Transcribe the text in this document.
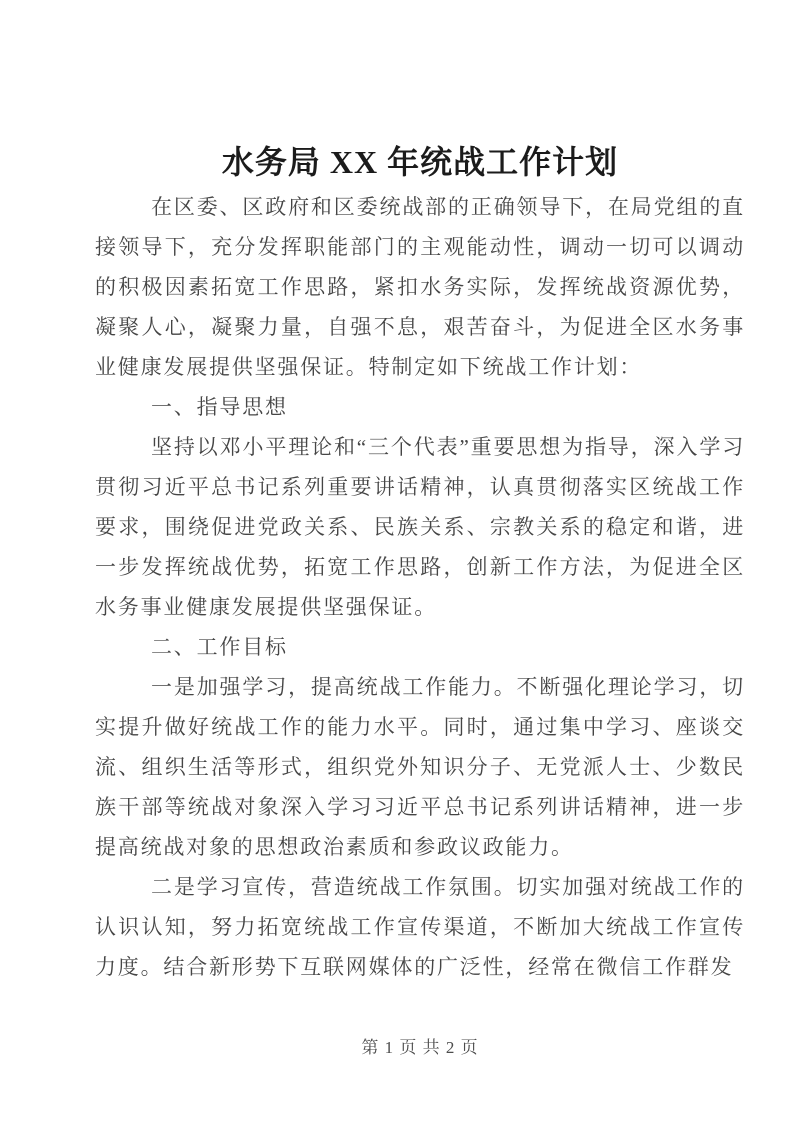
水务局 XX 年统战工作计划

在区委、区政府和区委统战部的正确领导下，在局党组的直接领导下，充分发挥职能部门的主观能动性，调动一切可以调动的积极因素拓宽工作思路，紧扣水务实际，发挥统战资源优势，凝聚人心，凝聚力量，自强不息，艰苦奋斗，为促进全区水务事业健康发展提供坚强保证。特制定如下统战工作计划：

一、指导思想

坚持以邓小平理论和“三个代表”重要思想为指导，深入学习贯彻习近平总书记系列重要讲话精神，认真贯彻落实区统战工作要求，围绕促进党政关系、民族关系、宗教关系的稳定和谐，进一步发挥统战优势，拓宽工作思路，创新工作方法，为促进全区水务事业健康发展提供坚强保证。

二、工作目标

一是加强学习，提高统战工作能力。不断强化理论学习，切实提升做好统战工作的能力水平。同时，通过集中学习、座谈交流、组织生活等形式，组织党外知识分子、无党派人士、少数民族干部等统战对象深入学习习近平总书记系列讲话精神，进一步提高统战对象的思想政治素质和参政议政能力。

二是学习宣传，营造统战工作氛围。切实加强对统战工作的认识认知，努力拓宽统战工作宣传渠道，不断加大统战工作宣传力度。结合新形势下互联网媒体的广泛性，经常在微信工作群发

第 1 页 共 2 页
